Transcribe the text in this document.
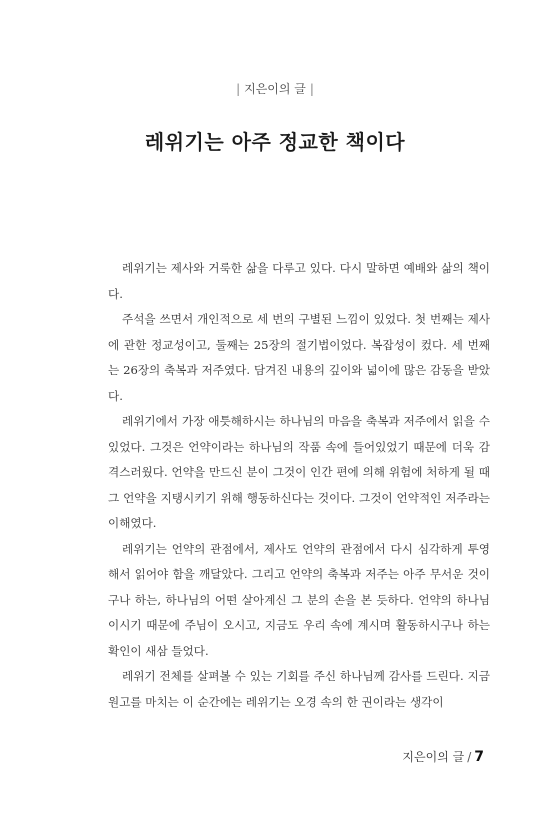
| 지은이의 글 |
레위기는 아주 정교한 책이다

레위기는 제사와 거룩한 삶을 다루고 있다. 다시 말하면 예배와 삶의 책이다.

주석을 쓰면서 개인적으로 세 번의 구별된 느낌이 있었다. 첫 번째는 제사에 관한 정교성이고, 둘째는 25장의 절기법이었다. 복잡성이 컸다. 세 번째는 26장의 축복과 저주였다. 담겨진 내용의 깊이와 넓이에 많은 감동을 받았다.

레위기에서 가장 애틋해하시는 하나님의 마음을 축복과 저주에서 읽을 수 있었다. 그것은 언약이라는 하나님의 작품 속에 들어있었기 때문에 더욱 감격스러웠다. 언약을 만드신 분이 그것이 인간 편에 의해 위험에 처하게 될 때 그 언약을 지탱시키기 위해 행동하신다는 것이다. 그것이 언약적인 저주라는 이해였다.

레위기는 언약의 관점에서, 제사도 언약의 관점에서 다시 심각하게 투영해서 읽어야 함을 깨달았다. 그리고 언약의 축복과 저주는 아주 무서운 것이구나 하는, 하나님의 어떤 살아계신 그 분의 손을 본 듯하다. 언약의 하나님이시기 때문에 주님이 오시고, 지금도 우리 속에 계시며 활동하시구나 하는 확인이 새삼 들었다.

레위기 전체를 살펴볼 수 있는 기회를 주신 하나님께 감사를 드린다. 지금 원고를 마치는 이 순간에는 레위기는 오경 속의 한 권이라는 생각이

지은이의 글 / 7
